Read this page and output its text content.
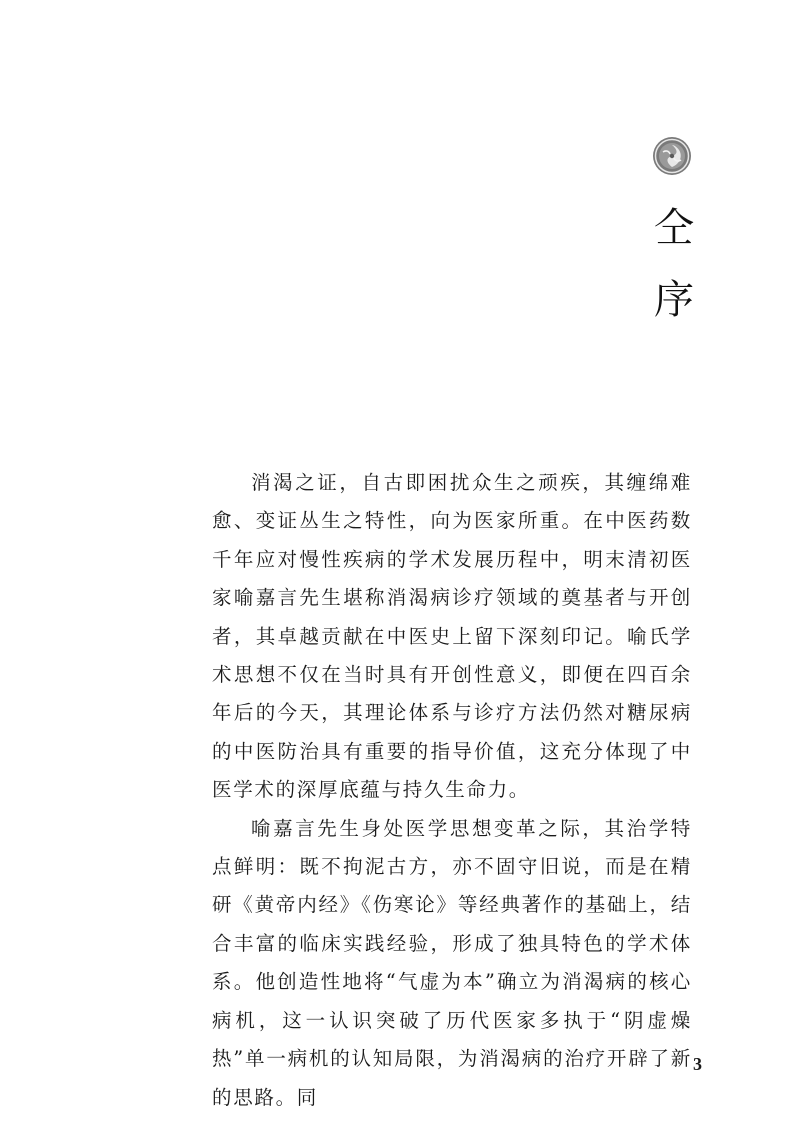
仝
序

消渴之证，自古即困扰众生之顽疾，其缠绵难愈、变证丛生之特性，向为医家所重。在中医药数千年应对慢性疾病的学术发展历程中，明末清初医家喻嘉言先生堪称消渴病诊疗领域的奠基者与开创者，其卓越贡献在中医史上留下深刻印记。喻氏学术思想不仅在当时具有开创性意义，即便在四百余年后的今天，其理论体系与诊疗方法仍然对糖尿病的中医防治具有重要的指导价值，这充分体现了中医学术的深厚底蕴与持久生命力。

喻嘉言先生身处医学思想变革之际，其治学特点鲜明：既不拘泥古方，亦不固守旧说，而是在精研《黄帝内经》《伤寒论》等经典著作的基础上，结合丰富的临床实践经验，形成了独具特色的学术体系。他创造性地将“气虚为本”确立为消渴病的核心病机，这一认识突破了历代医家多执于“阴虚燥热”单一病机的认知局限，为消渴病的治疗开辟了新的思路。同

3
